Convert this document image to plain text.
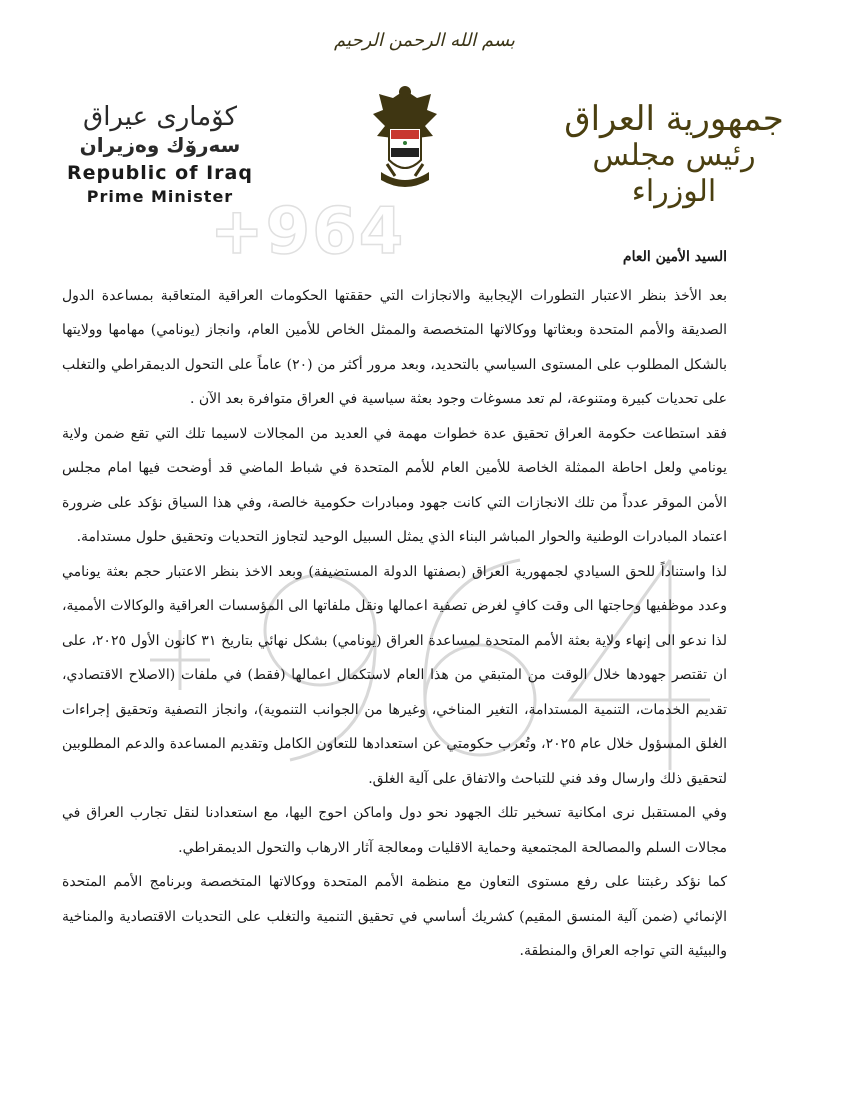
بسم الله الرحمن الرحيم
جمهورية العراق
رئيس مجلس الوزراء
كۆماری عیراق
سەرۆك وەزیران
Republic of Iraq
Prime Minister
+964	السيد الأمين العام

بعد الأخذ بنظر الاعتبار التطورات الإيجابية والانجازات التي حققتها الحكومات العراقية المتعاقبة بمساعدة الدول الصديقة والأمم المتحدة وبعثاتها ووكالاتها المتخصصة والممثل الخاص للأمين العام، وانجاز (يونامي) مهامها وولايتها بالشكل المطلوب على المستوى السياسي بالتحديد، وبعد مرور أكثر من (٢٠) عاماً على التحول الديمقراطي والتغلب على تحديات كبيرة ومتنوعة، لم تعد مسوغات وجود بعثة سياسية في العراق متوافرة بعد الآن .

فقد استطاعت حكومة العراق تحقيق عدة خطوات مهمة في العديد من المجالات لاسيما تلك التي تقع ضمن ولاية يونامي ولعل احاطة الممثلة الخاصة للأمين العام للأمم المتحدة في شباط الماضي قد أوضحت فيها امام مجلس الأمن الموقر عدداً من تلك الانجازات التي كانت جهود ومبادرات حكومية خالصة، وفي هذا السياق نؤكد على ضرورة اعتماد المبادرات الوطنية والحوار المباشر البناء الذي يمثل السبيل الوحيد لتجاوز التحديات وتحقيق حلول مستدامة.

لذا واستناداً للحق السيادي لجمهورية العراق (بصفتها الدولة المستضيفة) وبعد الاخذ بنظر الاعتبار حجم بعثة يونامي وعدد موظفيها وحاجتها الى وقت كافٍ لغرض تصفية اعمالها ونقل ملفاتها الى المؤسسات العراقية والوكالات الأممية، لذا ندعو الى إنهاء ولاية بعثة الأمم المتحدة لمساعدة العراق (يونامي) بشكل نهائي بتاريخ ٣١ كانون الأول ٢٠٢٥، على ان تقتصر جهودها خلال الوقت من المتبقي من هذا العام لاستكمال اعمالها (فقط) في ملفات (الاصلاح الاقتصادي، تقديم الخدمات، التنمية المستدامة، التغير المناخي، وغيرها من الجوانب التنموية)، وانجاز التصفية وتحقيق إجراءات الغلق المسؤول خلال عام ٢٠٢٥، وتُعرب حكومتي عن استعدادها للتعاون الكامل وتقديم المساعدة والدعم المطلوبين لتحقيق ذلك وارسال وفد فني للتباحث والاتفاق على آلية الغلق.

وفي المستقبل نرى امكانية تسخير تلك الجهود نحو دول واماكن احوج اليها، مع استعدادنا لنقل تجارب العراق في مجالات السلم والمصالحة المجتمعية وحماية الاقليات ومعالجة آثار الارهاب والتحول الديمقراطي.

كما نؤكد رغبتنا على رفع مستوى التعاون مع منظمة الأمم المتحدة ووكالاتها المتخصصة وبرنامج الأمم المتحدة الإنمائي (ضمن آلية المنسق المقيم) كشريك أساسي في تحقيق التنمية والتغلب على التحديات الاقتصادية والمناخية والبيئية التي تواجه العراق والمنطقة.
